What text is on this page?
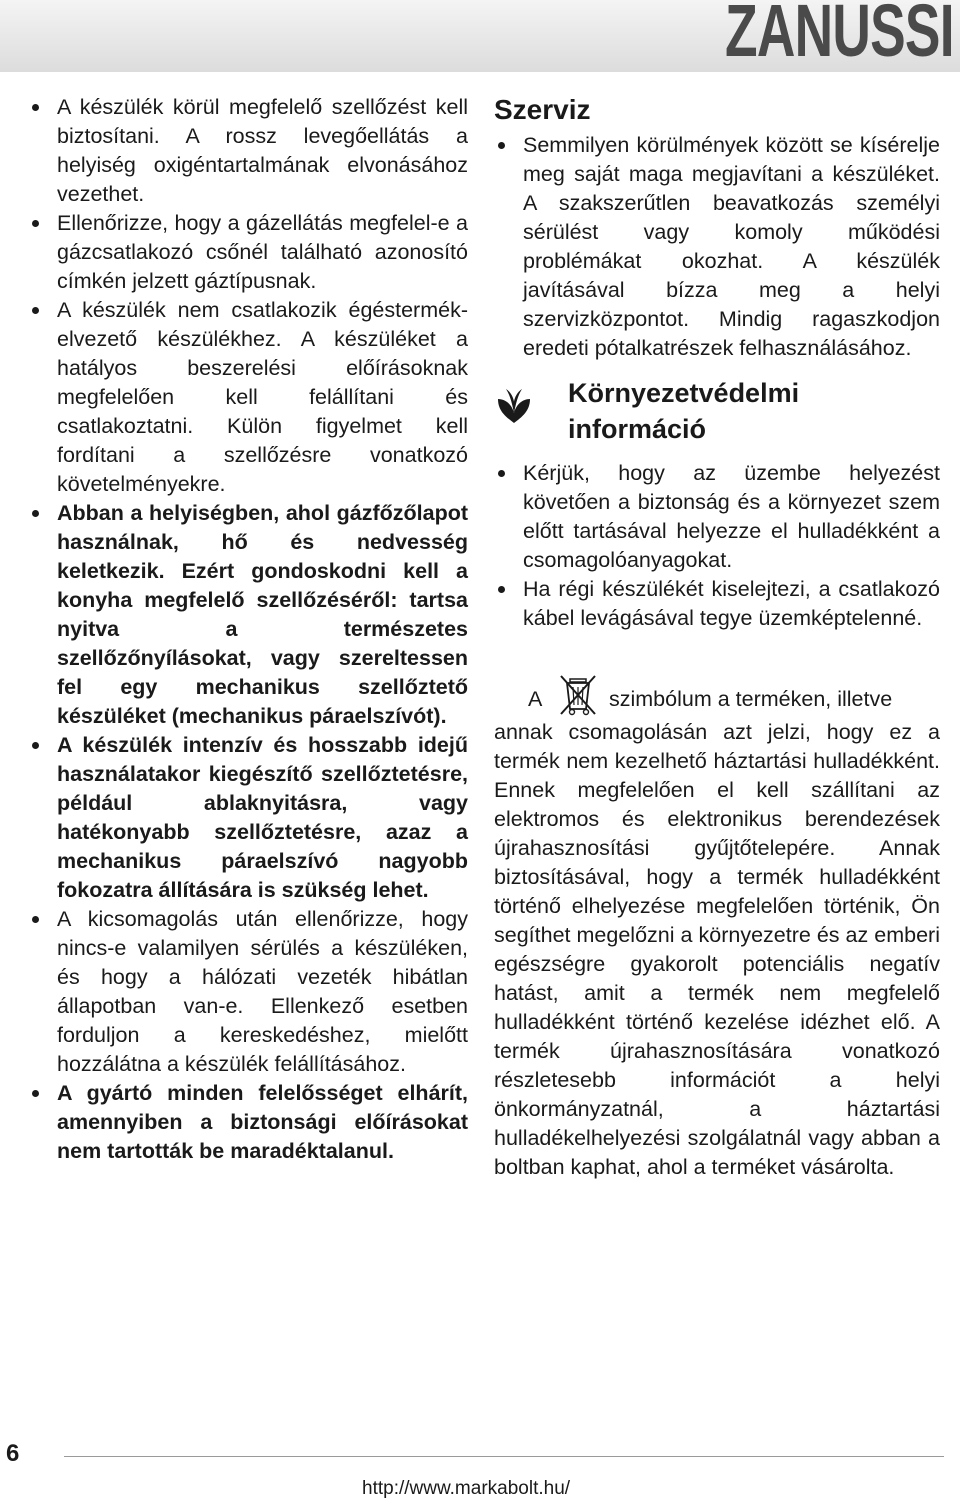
ZANUSSI
A készülék körül megfelelő szellőzést kell biztosítani. A rossz levegőellátás a helyiség oxigéntartalmának elvonásához vezethet.
Ellenőrizze, hogy a gázellátás megfelel-e a gázcsatlakozó csőnél található azonosító címkén jelzett gáztípusnak.
A készülék nem csatlakozik égéstermék-elvezető készülékhez. A készüléket a hatályos beszerelési előírásoknak megfelelően kell felállítani és csatlakoztatni. Külön figyelmet kell fordítani a szellőzésre vonatkozó követelményekre.
Abban a helyiségben, ahol gázfőzőlapot használnak, hő és nedvesség keletkezik. Ezért gondoskodni kell a konyha megfelelő szellőzéséről: tartsa nyitva a természetes szellőzőnyílásokat, vagy szereltessen fel egy mechanikus szellőztető készüléket (mechanikus páraelszívót).
A készülék intenzív és hosszabb idejű használatakor kiegészítő szellőztetésre, például ablaknyitásra, vagy hatékonyabb szellőztetésre, azaz a mechanikus páraelszívó nagyobb fokozatra állítására is szükség lehet.
A kicsomagolás után ellenőrizze, hogy nincs-e valamilyen sérülés a készüléken, és hogy a hálózati vezeték hibátlan állapotban van-e. Ellenkező esetben forduljon a kereskedéshez, mielőtt hozzálátna a készülék felállításához.
A gyártó minden felelősséget elhárít, amennyiben a biztonsági előírásokat nem tartották be maradéktalanul.
Szerviz
Semmilyen körülmények között se kísérelje meg saját maga megjavítani a készüléket. A szakszerűtlen beavatkozás személyi sérülést vagy komoly működési problémákat okozhat. A készülék javításával bízza meg a helyi szervizközpontot. Mindig ragaszkodjon eredeti pótalkatrészek felhasználásához.
Környezetvédelmi információ
Kérjük, hogy az üzembe helyezést követően a biztonság és a környezet szem előtt tartásával helyezze el hulladékként a csomagolóanyagokat.
Ha régi készülékét kiselejtezi, a csatlakozó kábel levágásával tegye üzemképtelenné.
A	szimbólum a terméken, illetve
annak csomagolásán azt jelzi, hogy ez a termék nem kezelhető háztartási hulladékként. Ennek megfelelően el kell szállítani az elektromos és elektronikus berendezések újrahasznosítási gyűjtőtelepére. Annak biztosításával, hogy a termék hulladékként történő elhelyezése megfelelően történik, Ön segíthet megelőzni a környezetre és az emberi egészségre gyakorolt potenciális negatív hatást, amit a termék nem megfelelő hulladékként történő kezelése idézhet elő. A termék újrahasznosítására vonatkozó részletesebb információt a helyi önkormányzatnál, a háztartási hulladékelhelyezési szolgálatnál vagy abban a boltban kaphat, ahol a terméket vásárolta.
6
http://www.markabolt.hu/
